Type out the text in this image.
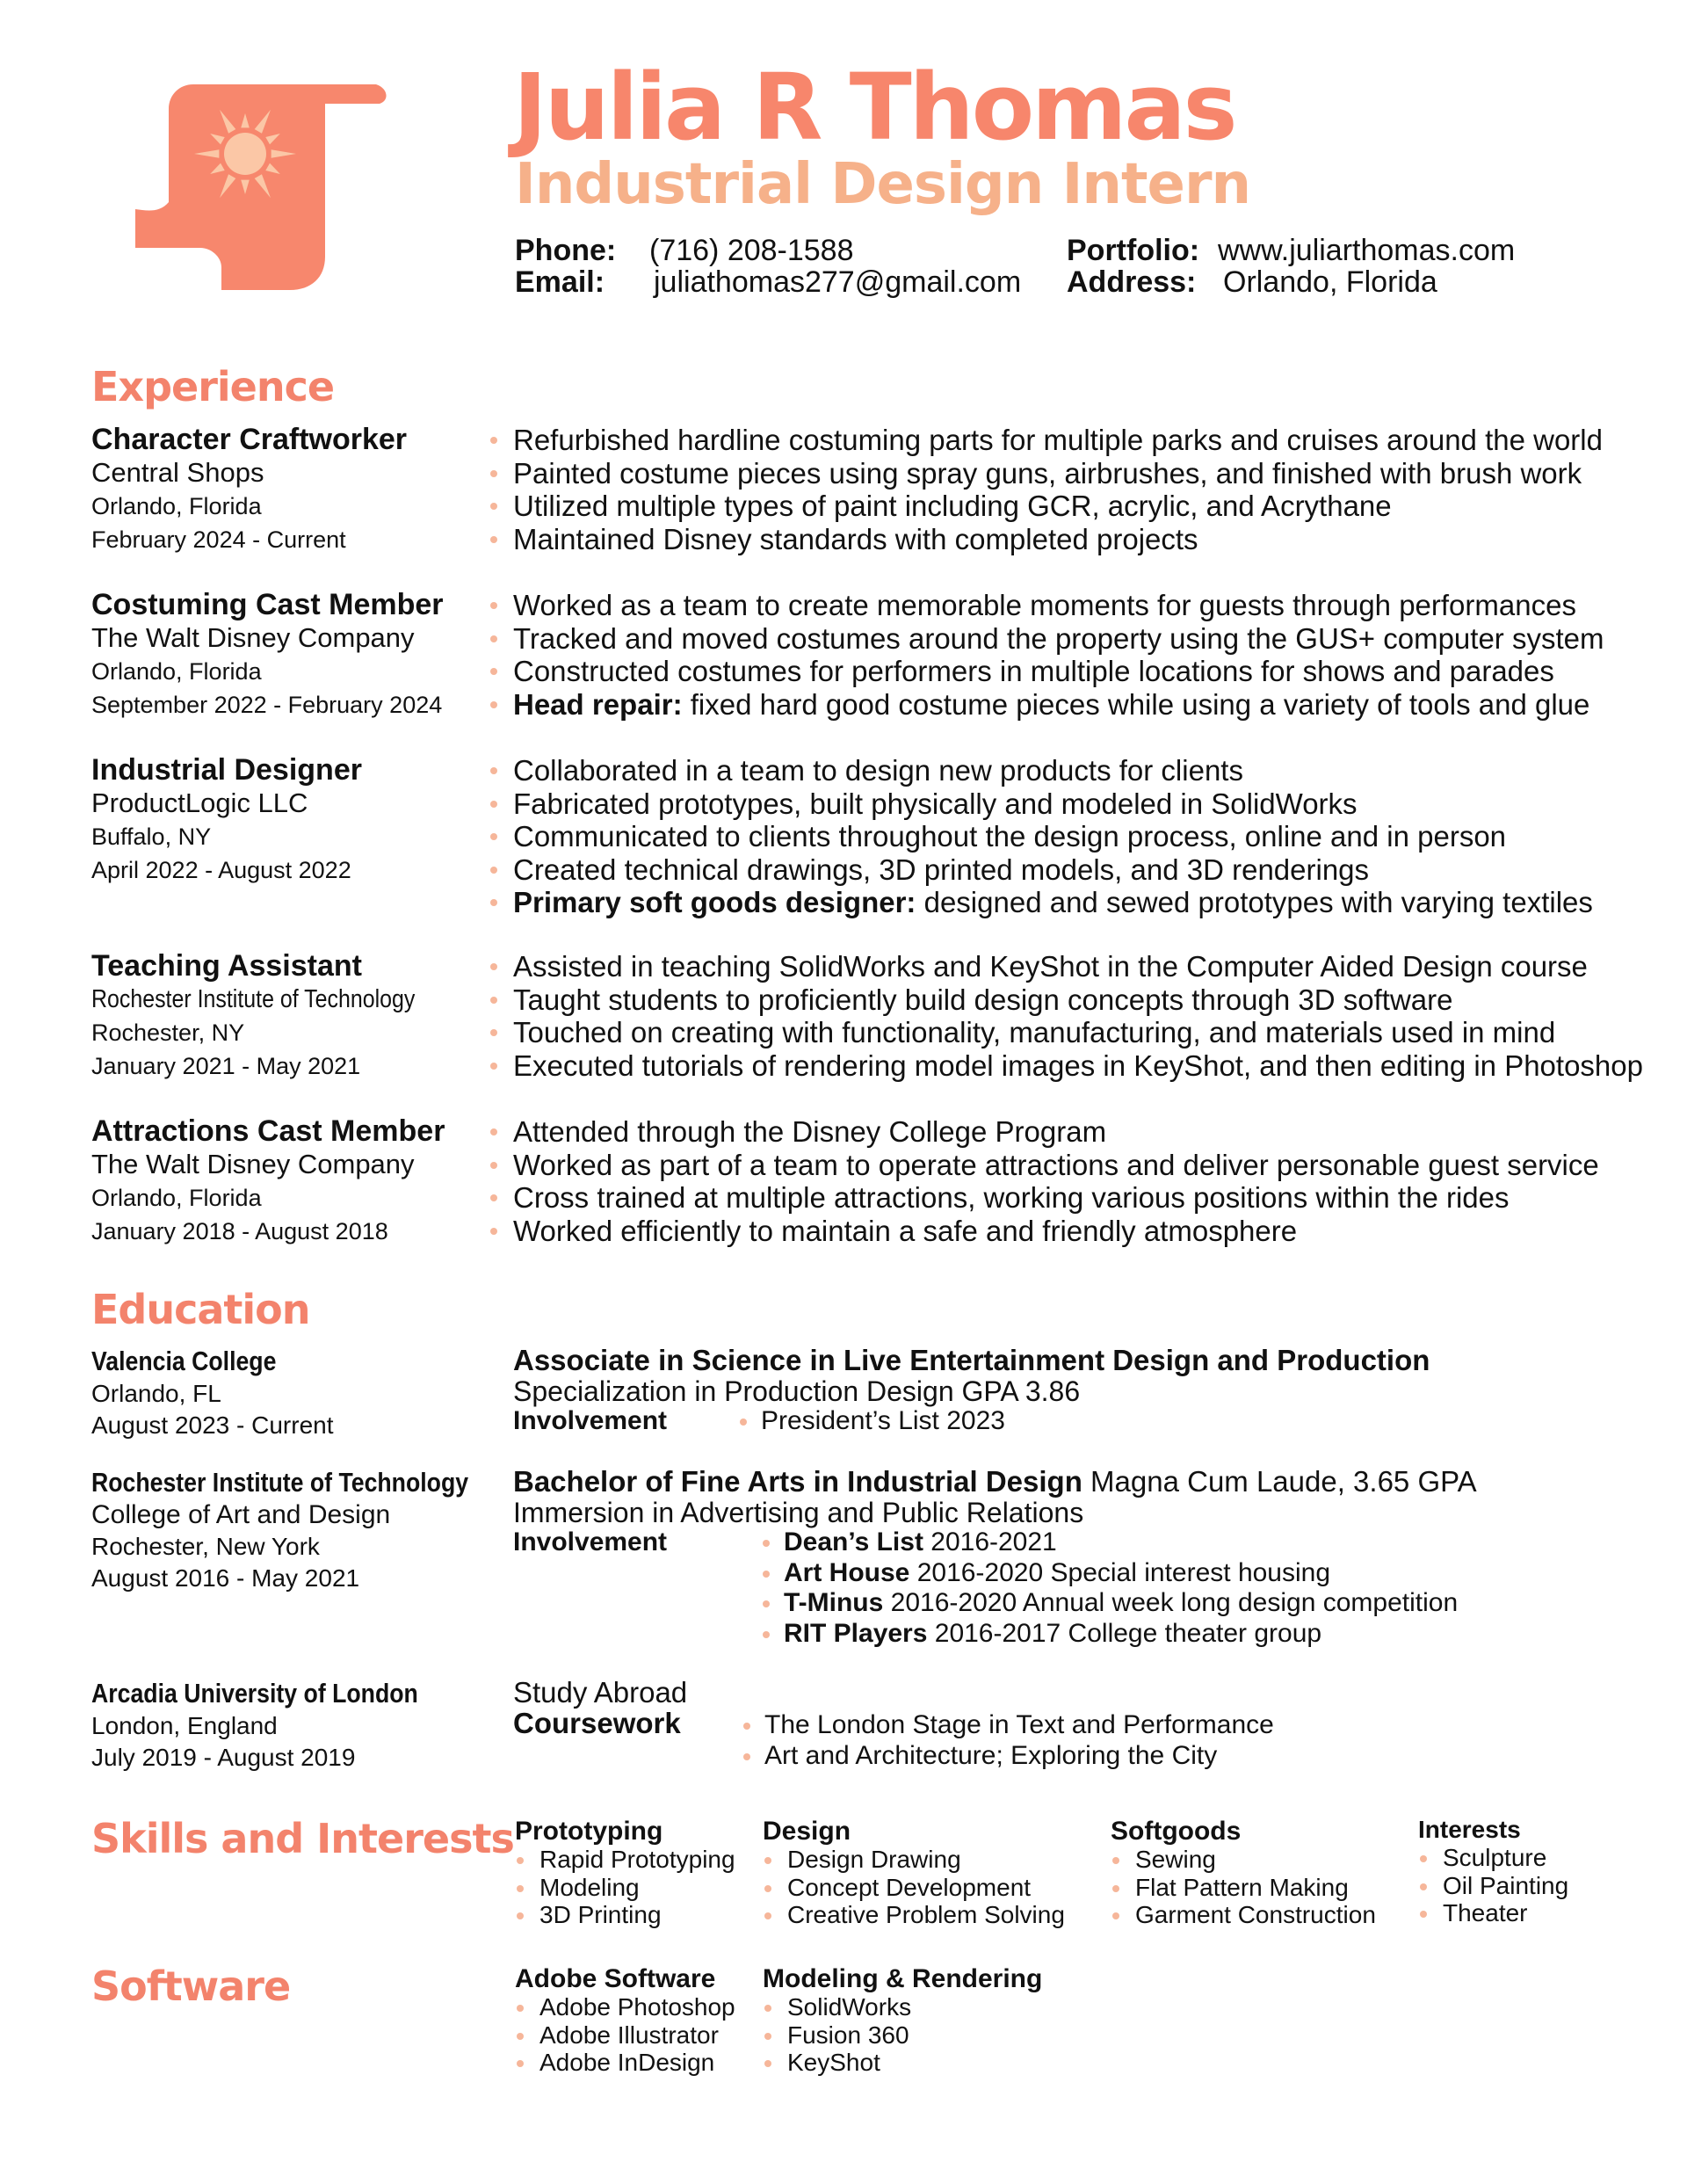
Julia R Thomas
Industrial Design Intern
Phone: (716) 208-1588
Email: juliathomas277@gmail.com
Portfolio: www.juliarthomas.com
Address: Orlando, Florida
Experience
Character Craftworker
Central Shops
Orlando, Florida
February 2024 - Current
Refurbished hardline costuming parts for multiple parks and cruises around the world
Painted costume pieces using spray guns, airbrushes, and finished with brush work
Utilized multiple types of paint including GCR, acrylic, and Acrythane
Maintained Disney standards with completed projects
Costuming Cast Member
The Walt Disney Company
Orlando, Florida
September 2022 - February 2024
Worked as a team to create memorable moments for guests through performances
Tracked and moved costumes around the property using the GUS+ computer system
Constructed costumes for performers in multiple locations for shows and parades
Head repair: fixed hard good costume pieces while using a variety of tools and glue
Industrial Designer
ProductLogic LLC
Buffalo, NY
April 2022 - August 2022
Collaborated in a team to design new products for clients
Fabricated prototypes, built physically and modeled in SolidWorks
Communicated to clients throughout the design process, online and in person
Created technical drawings, 3D printed models, and 3D renderings
Primary soft goods designer: designed and sewed prototypes with varying textiles
Teaching Assistant
Rochester Institute of Technology
Rochester, NY
January 2021 - May 2021
Assisted in teaching SolidWorks and KeyShot in the Computer Aided Design course
Taught students to proficiently build design concepts through 3D software
Touched on creating with functionality, manufacturing, and materials used in mind
Executed tutorials of rendering model images in KeyShot, and then editing in Photoshop
Attractions Cast Member
The Walt Disney Company
Orlando, Florida
January 2018 - August 2018
Attended through the Disney College Program
Worked as part of a team to operate attractions and deliver personable guest service
Cross trained at multiple attractions, working various positions within the rides
Worked efficiently to maintain a safe and friendly atmosphere
Education
Valencia College
Orlando, FL
August 2023 - Current
Associate in Science in Live Entertainment Design and Production
Specialization in Production Design GPA 3.86
Involvement	President’s List 2023
Rochester Institute of Technology
College of Art and Design
Rochester, New York
August 2016 - May 2021
Bachelor of Fine Arts in Industrial Design Magna Cum Laude, 3.65 GPA
Immersion in Advertising and Public Relations
Involvement	Dean’s List 2016-2021
Art House 2016-2020 Special interest housing
T-Minus 2016-2020 Annual week long design competition
RIT Players 2016-2017 College theater group
Arcadia University of London
London, England
July 2019 - August 2019
Study Abroad
Coursework	The London Stage in Text and Performance
Art and Architecture; Exploring the City
Skills and Interests Prototyping
Rapid Prototyping
Modeling
3D Printing
Design
Design Drawing
Concept Development
Creative Problem Solving
Softgoods
Sewing
Flat Pattern Making
Garment Construction
Interests
Sculpture
Oil Painting
Theater
Software	Adobe Software
Adobe Photoshop
Adobe Illustrator
Adobe InDesign
Modeling & Rendering
SolidWorks
Fusion 360
KeyShot
